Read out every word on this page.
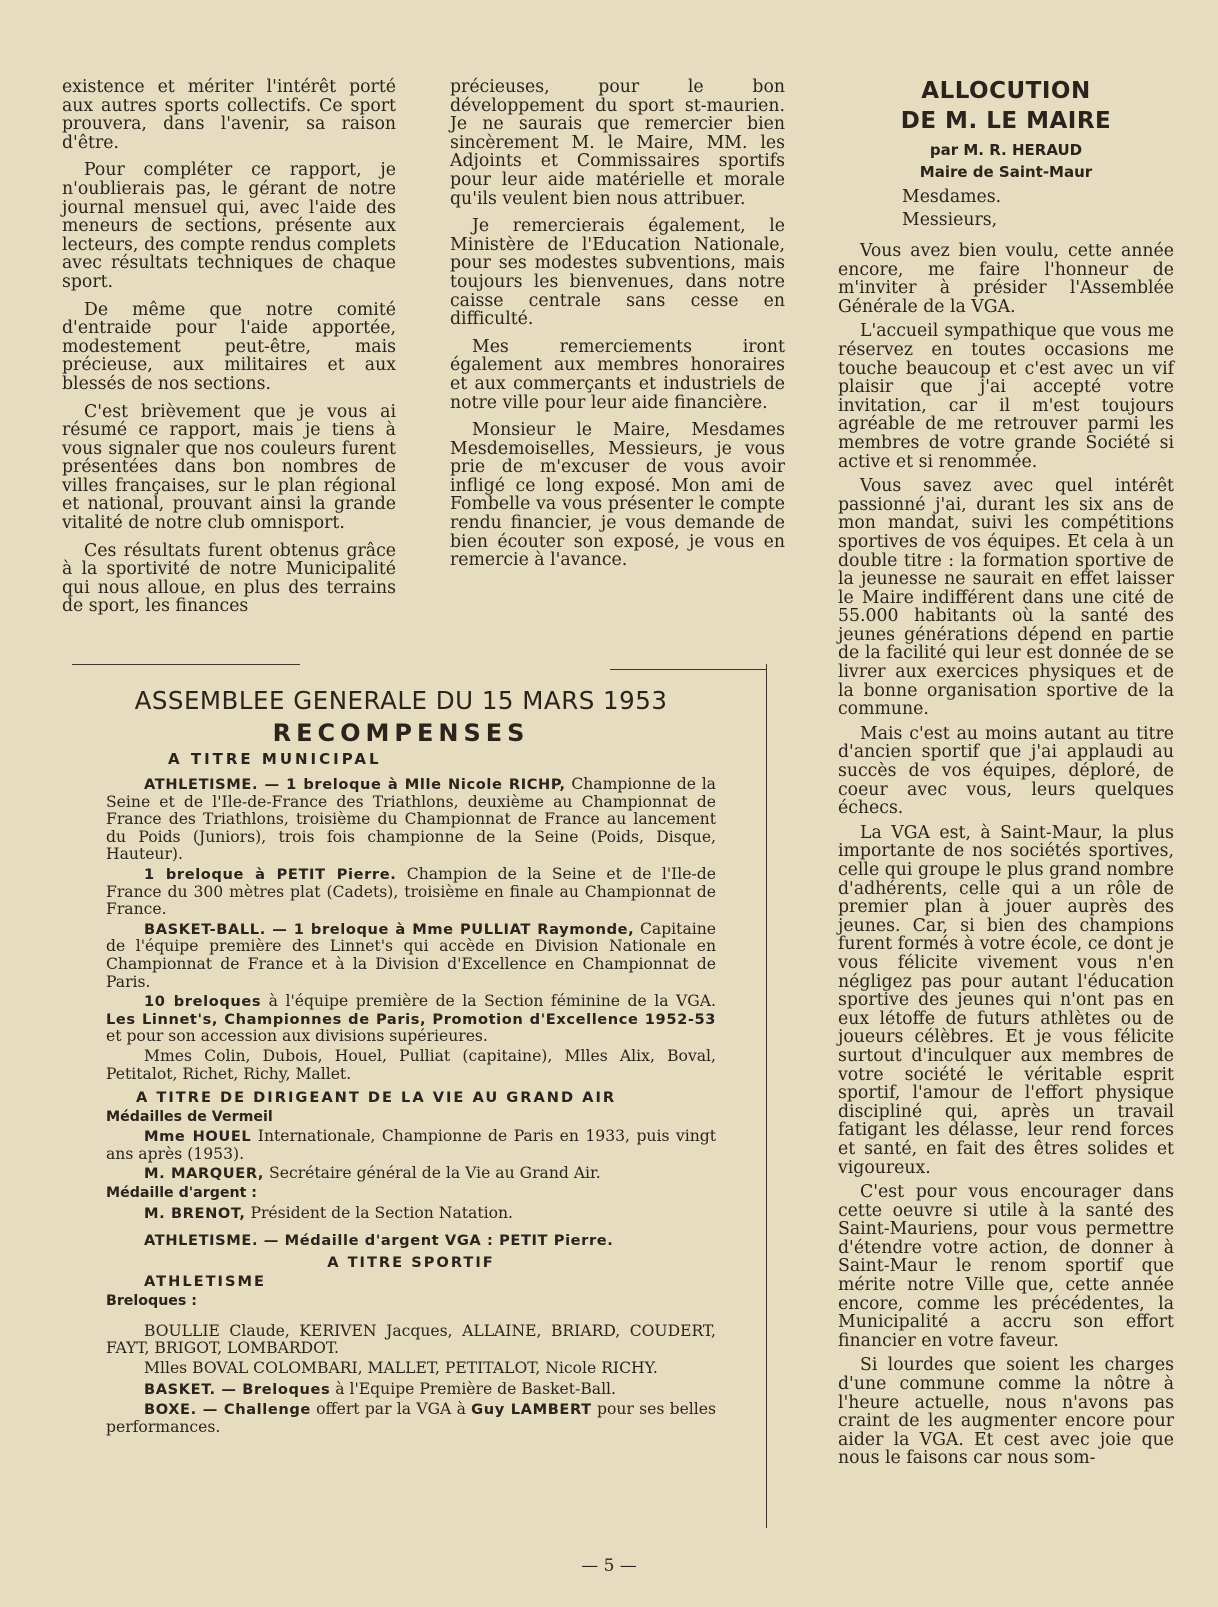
existence et mériter l'intérêt porté aux autres sports collectifs. Ce sport prouvera, dans l'avenir, sa raison d'être.

Pour compléter ce rapport, je n'oublierais pas, le gérant de notre journal mensuel qui, avec l'aide des meneurs de sections, présente aux lecteurs, des compte rendus complets avec résultats techniques de chaque sport.

De même que notre comité d'entraide pour l'aide apportée, modestement peut-être, mais précieuse, aux militaires et aux blessés de nos sections.

C'est brièvement que je vous ai résumé ce rapport, mais je tiens à vous signaler que nos couleurs furent présentées dans bon nombres de villes françaises, sur le plan régional et national, prouvant ainsi la grande vitalité de notre club omnisport.

Ces résultats furent obtenus grâce à la sportivité de notre Municipalité qui nous alloue, en plus des terrains de sport, les finances

précieuses, pour le bon développement du sport st-maurien. Je ne saurais que remercier bien sincèrement M. le Maire, MM. les Adjoints et Commissaires sportifs pour leur aide matérielle et morale qu'ils veulent bien nous attribuer.

Je remercierais également, le Ministère de l'Education Nationale, pour ses modestes subventions, mais toujours les bienvenues, dans notre caisse centrale sans cesse en difficulté.

Mes remerciements iront également aux membres honoraires et aux commerçants et industriels de notre ville pour leur aide financière.

Monsieur le Maire, Mesdames Mesdemoiselles, Messieurs, je vous prie de m'excuser de vous avoir infligé ce long exposé. Mon ami de Fombelle va vous présenter le compte rendu financier, je vous demande de bien écouter son exposé, je vous en remercie à l'avance.

ALLOCUTION
DE M. LE MAIRE
par M. R. HERAUD
Maire de Saint-Maur
Mesdames.
Messieurs,

Vous avez bien voulu, cette année encore, me faire l'honneur de m'inviter à présider l'Assemblée Générale de la VGA.

L'accueil sympathique que vous me réservez en toutes occasions me touche beaucoup et c'est avec un vif plaisir que j'ai accepté votre invitation, car il m'est toujours agréable de me retrouver parmi les membres de votre grande Société si active et si renommée.

Vous savez avec quel intérêt passionné j'ai, durant les six ans de mon mandat, suivi les compétitions sportives de vos équipes. Et cela à un double titre : la formation sportive de la jeunesse ne saurait en effet laisser le Maire indifférent dans une cité de 55.000 habitants où la santé des jeunes générations dépend en partie de la facilité qui leur est donnée de se livrer aux exercices physiques et de la bonne organisation sportive de la commune.

Mais c'est au moins autant au titre d'ancien sportif que j'ai applaudi au succès de vos équipes, déploré, de coeur avec vous, leurs quelques échecs.

La VGA est, à Saint-Maur, la plus importante de nos sociétés sportives, celle qui groupe le plus grand nombre d'adhérents, celle qui a un rôle de premier plan à jouer auprès des jeunes. Car, si bien des champions furent formés à votre école, ce dont je vous félicite vivement vous n'en négligez pas pour autant l'éducation sportive des jeunes qui n'ont pas en eux létoffe de futurs athlètes ou de joueurs célèbres. Et je vous félicite surtout d'inculquer aux membres de votre société le véritable esprit sportif, l'amour de l'effort physique discipliné qui, après un travail fatigant les délasse, leur rend forces et santé, en fait des êtres solides et vigoureux.

C'est pour vous encourager dans cette oeuvre si utile à la santé des Saint-Mauriens, pour vous permettre d'étendre votre action, de donner à Saint-Maur le renom sportif que mérite notre Ville que, cette année encore, comme les précédentes, la Municipalité a accru son effort financier en votre faveur.

Si lourdes que soient les charges d'une commune comme la nôtre à l'heure actuelle, nous n'avons pas craint de les augmenter encore pour aider la VGA. Et cest avec joie que nous le faisons car nous som-

ASSEMBLEE GENERALE DU 15 MARS 1953
RECOMPENSES
A TITRE MUNICIPAL
ATHLETISME. — 1 breloque à Mlle Nicole RICHP, Championne de la Seine et de l'Ile-de-France des Triathlons, deuxième au Championnat de France des Triathlons, troisième du Championnat de France au lancement du Poids (Juniors), trois fois championne de la Seine (Poids, Disque, Hauteur).
1 breloque à PETIT Pierre. Champion de la Seine et de l'Ile-de France du 300 mètres plat (Cadets), troisième en finale au Championnat de France.
BASKET-BALL. — 1 breloque à Mme PULLIAT Raymonde, Capitaine de l'équipe première des Linnet's qui accède en Division Nationale en Championnat de France et à la Division d'Excellence en Championnat de Paris.
10 breloques à l'équipe première de la Section féminine de la VGA. Les Linnet's, Championnes de Paris, Promotion d'Excellence 1952-53 et pour son accession aux divisions supérieures.
Mmes Colin, Dubois, Houel, Pulliat (capitaine), Mlles Alix, Boval, Petitalot, Richet, Richy, Mallet.
A TITRE DE DIRIGEANT DE LA VIE AU GRAND AIR
Médailles de Vermeil
Mme HOUEL Internationale, Championne de Paris en 1933, puis vingt ans après (1953).
M. MARQUER, Secrétaire général de la Vie au Grand Air.
Médaille d'argent :
M. BRENOT, Président de la Section Natation.
ATHLETISME. — Médaille d'argent VGA : PETIT Pierre.
A TITRE SPORTIF
ATHLETISME
Breloques :
BOULLIE Claude, KERIVEN Jacques, ALLAINE, BRIARD, COUDERT, FAYT, BRIGOT, LOMBARDOT.
Mlles BOVAL COLOMBARI, MALLET, PETITALOT, Nicole RICHY.
BASKET. — Breloques à l'Equipe Première de Basket-Ball.
BOXE. — Challenge offert par la VGA à Guy LAMBERT pour ses belles performances.
— 5 —
